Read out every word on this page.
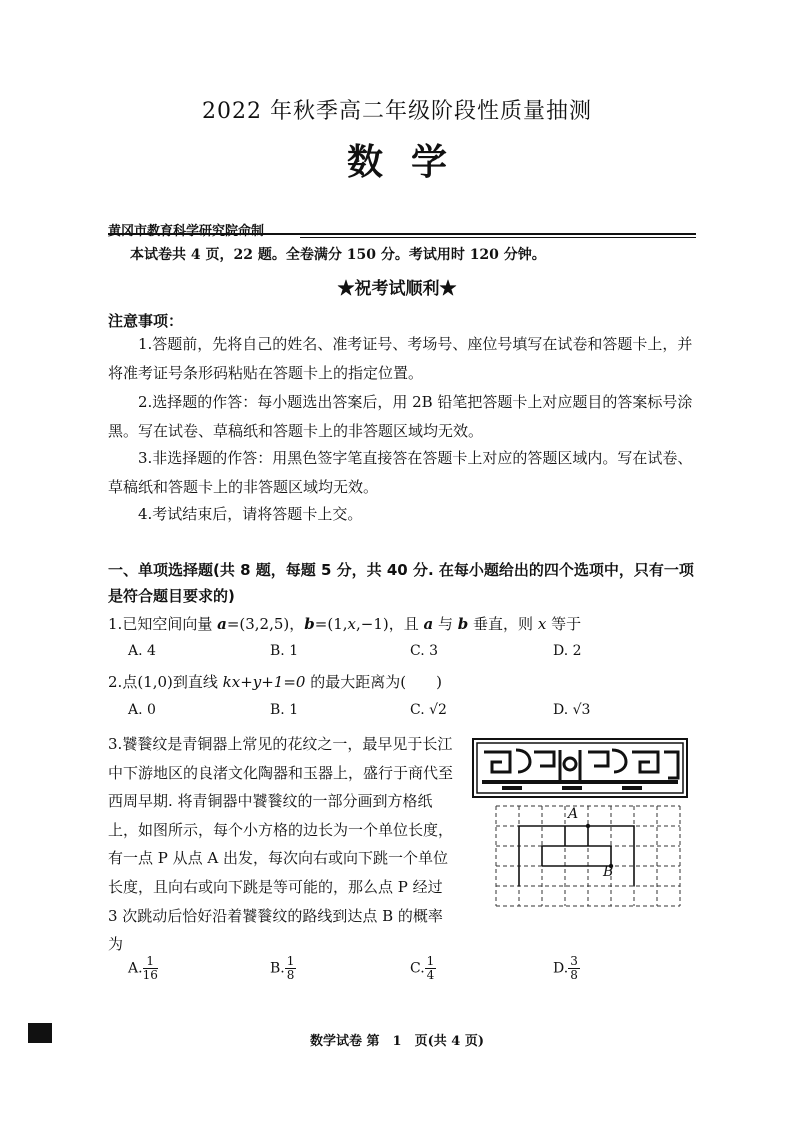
2022 年秋季高二年级阶段性质量抽测
数学
黄冈市教育科学研究院命制
本试卷共 4 页，22 题。全卷满分 150 分。考试用时 120 分钟。
★祝考试顺利★
注意事项：
1.答题前，先将自己的姓名、准考证号、考场号、座位号填写在试卷和答题卡上，并将准考证号条形码粘贴在答题卡上的指定位置。
2.选择题的作答：每小题选出答案后，用 2B 铅笔把答题卡上对应题目的答案标号涂黑。写在试卷、草稿纸和答题卡上的非答题区域均无效。
3.非选择题的作答：用黑色签字笔直接答在答题卡上对应的答题区域内。写在试卷、草稿纸和答题卡上的非答题区域均无效。
4.考试结束后，请将答题卡上交。
一、单项选择题(共 8 题，每题 5 分，共 40 分. 在每小题给出的四个选项中，只有一项是符合题目要求的)
1.已知空间向量 a=(3,2,5)，b=(1,x,−1)，且 a 与 b 垂直，则 x 等于
A. 4	B. 1	C. 3	D. 2
2.点(1,0)到直线 kx+y+1=0 的最大距离为(　　)
A. 0	B. 1	C. √2	D. √3
3.饕餮纹是青铜器上常见的花纹之一，最早见于长江中下游地区的良渚文化陶器和玉器上，盛行于商代至西周早期. 将青铜器中饕餮纹的一部分画到方格纸上，如图所示，每个小方格的边长为一个单位长度，有一点 P 从点 A 出发，每次向右或向下跳一个单位长度，且向右或向下跳是等可能的，那么点 P 经过 3 次跳动后恰好沿着饕餮纹的路线到达点 B 的概率为
A
B
A. $\frac{1}{16}$	B. $\frac{1}{8}$	C. $\frac{1}{4}$	D. $\frac{3}{8}$
数学试卷 第　1　页(共 4 页)
